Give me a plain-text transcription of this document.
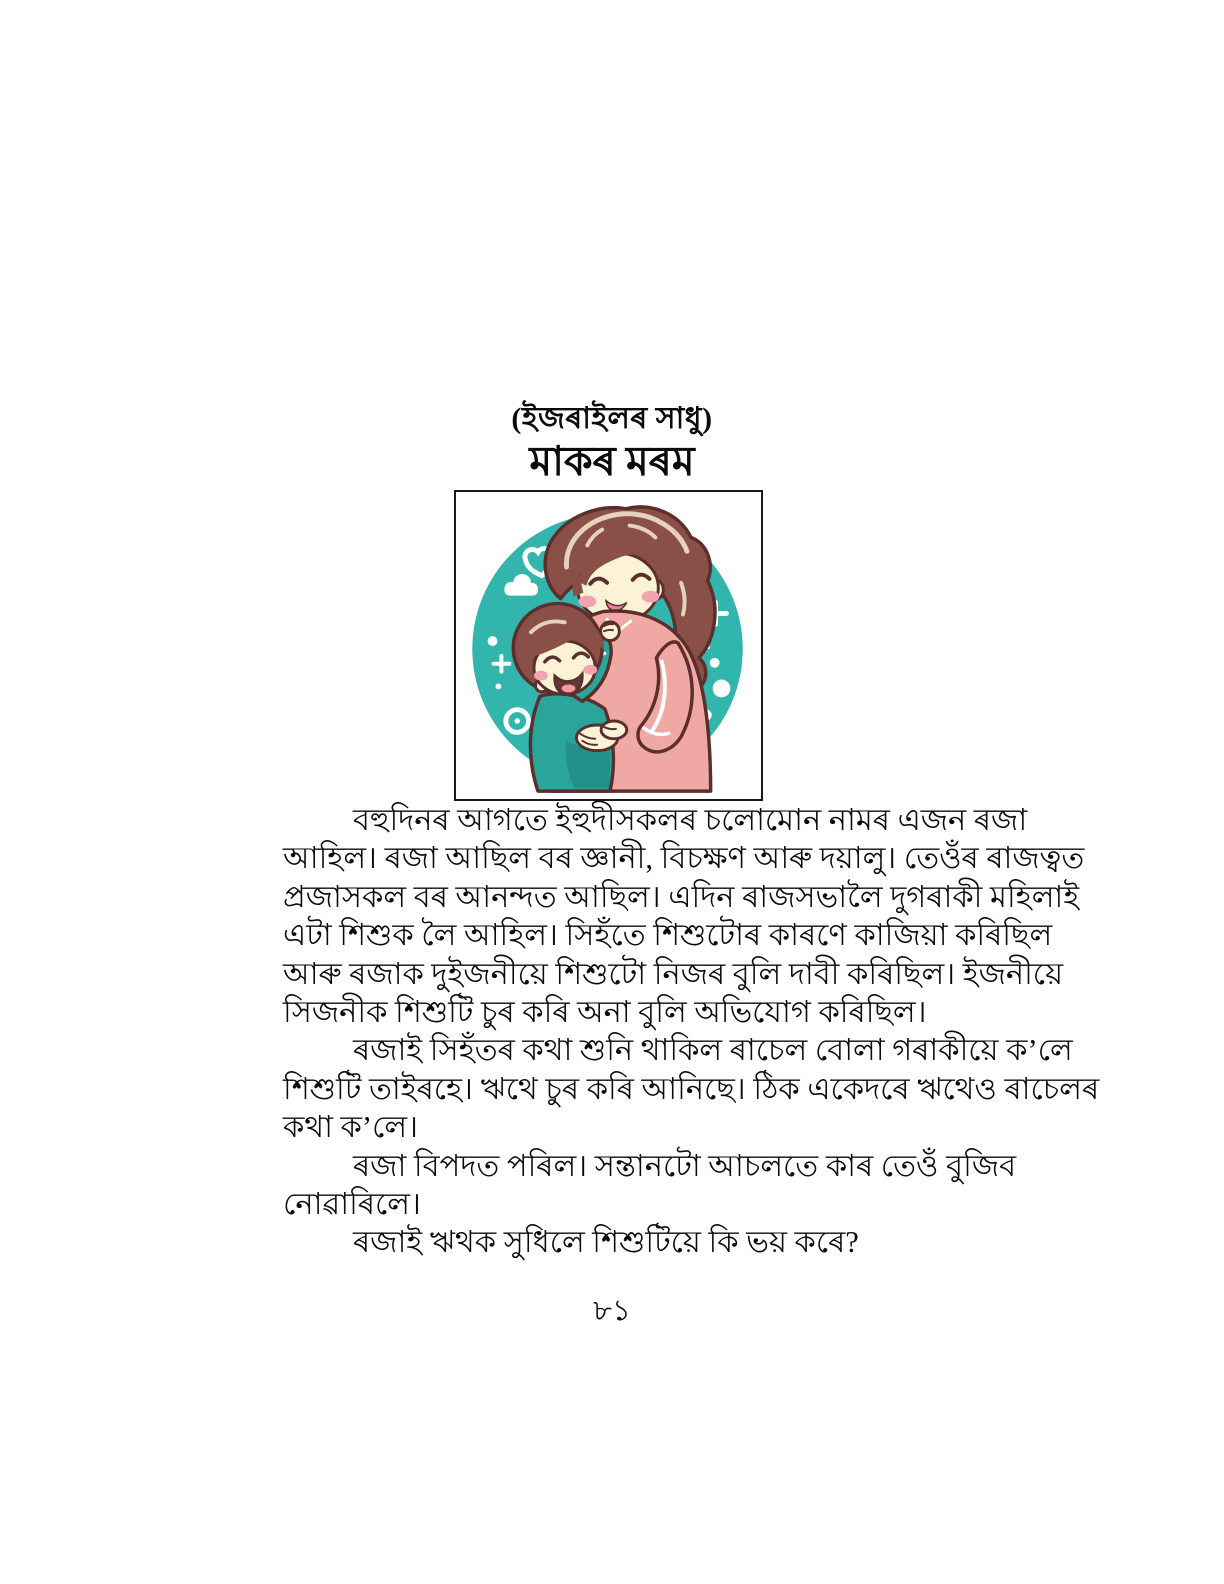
(ইজৰাইলৰ সাধু)
মাকৰ মৰম
বহুদিনৰ আগতে ইহুদীসকলৰ চলোমোন নামৰ এজন ৰজা
আহিল। ৰজা আছিল বৰ জ্ঞানী, বিচক্ষণ আৰু দয়ালু। তেওঁৰ ৰাজত্বত
প্ৰজাসকল বৰ আনন্দত আছিল। এদিন ৰাজসভালৈ দুগৰাকী মহিলাই
এটা শিশুক লৈ আহিল। সিহঁতে শিশুটোৰ কাৰণে কাজিয়া কৰিছিল
আৰু ৰজাক দুইজনীয়ে শিশুটো নিজৰ বুলি দাবী কৰিছিল। ইজনীয়ে
সিজনীক শিশুটি চুৰ কৰি অনা বুলি অভিযোগ কৰিছিল।
ৰজাই সিহঁতৰ কথা শুনি থাকিল ৰাচেল বোলা গৰাকীয়ে ক’লে
শিশুটি তাইৰহে। ঋথে চুৰ কৰি আনিছে। ঠিক একেদৰে ঋথেও ৰাচেলৰ
কথা ক’লে।
ৰজা বিপদত পৰিল। সন্তানটো আচলতে কাৰ তেওঁ বুজিব
নোৱাৰিলে।
ৰজাই ঋথক সুধিলে শিশুটিয়ে কি ভয় কৰে?
৮১
